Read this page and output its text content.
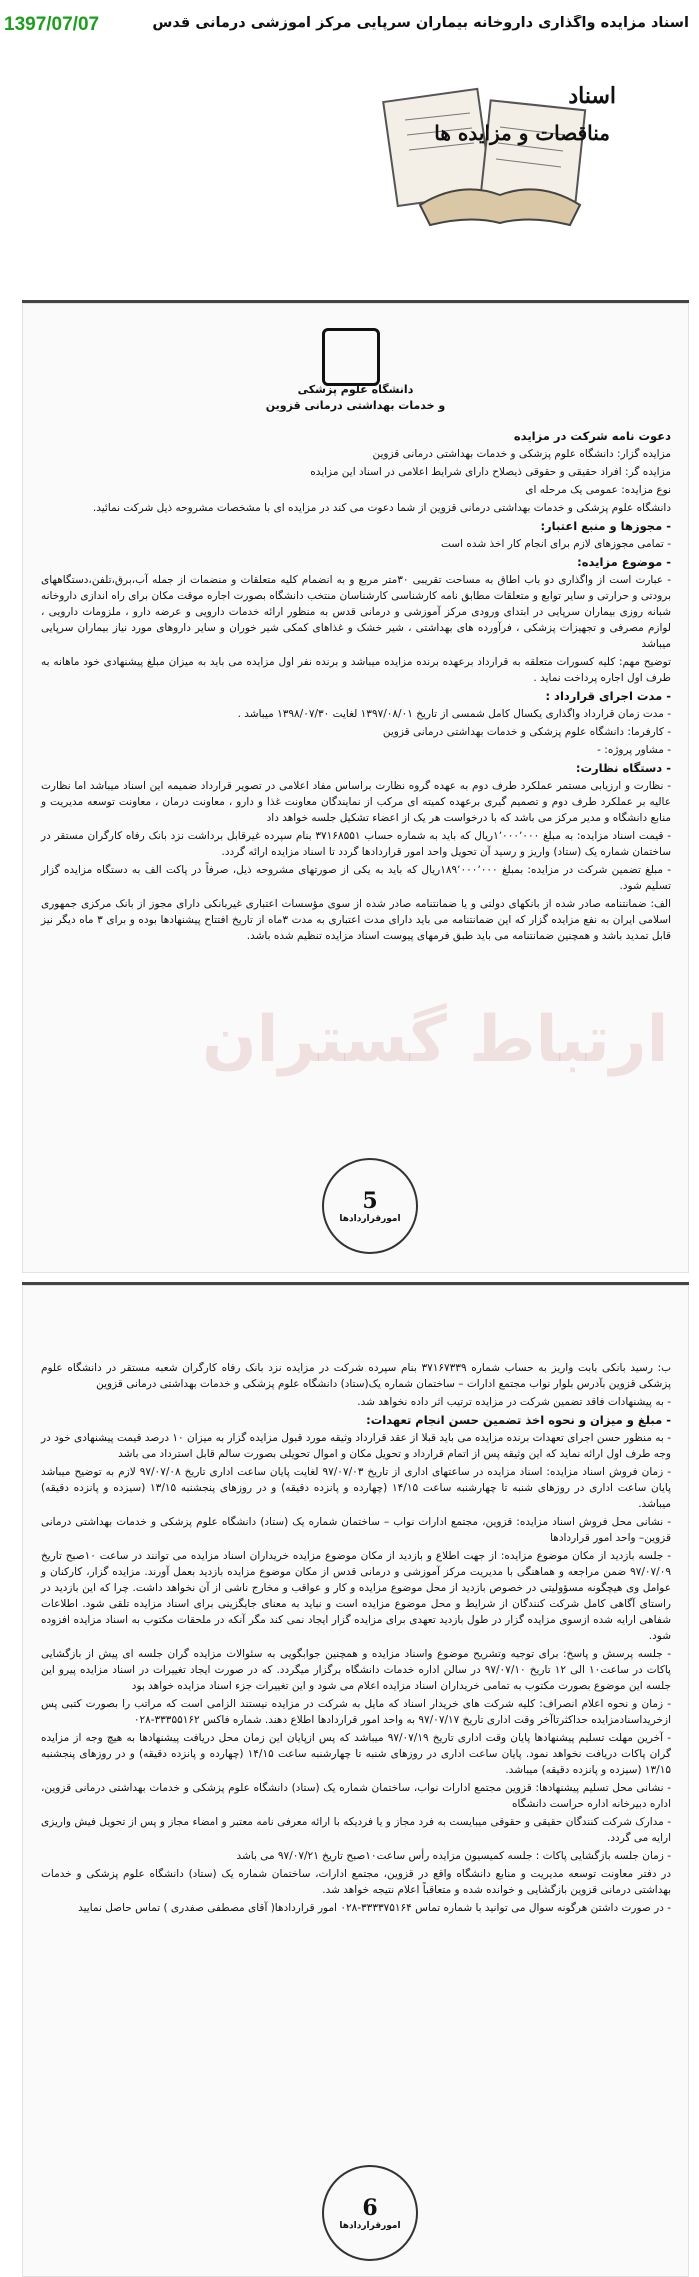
1397/07/07	اسناد مزایده واگذاری داروخانه بیماران سرپایی مرکز آموزشی درمانی قدس
اسناد
مناقصات و مزایده ها
دانشگاه علوم پزشکی
و خدمات بهداشتی درمانی قزوین
ارتباط گستران

دعوت نامه شرکت در مزایده

مزایده گزار: دانشگاه علوم پزشکی و خدمات بهداشتی درمانی قزوین

مزایده گر: افراد حقیقی و حقوقی ذیصلاح دارای شرایط اعلامی در اسناد این مزایده

نوع مزایده: عمومی یک مرحله ای

دانشگاه علوم پزشکی و خدمات بهداشتی درمانی قزوین از شما دعوت می کند در مزایده ای با مشخصات مشروحه ذیل شرکت نمائید.

- مجوزها و منبع اعتبار:

- تمامی مجوزهای لازم برای انجام کار اخذ شده است

- موضوع مزایده:

- عبارت است از واگذاری دو باب اطاق به مساحت تقریبی ۳۰متر مربع و به انضمام کلیه متعلقات و منضمات از جمله آب،برق،تلفن،دستگاههای برودتی و حرارتی و سایر توابع و متعلقات مطابق نامه کارشناسی کارشناسان منتخب دانشگاه بصورت اجاره موقت مکان برای راه اندازی داروخانه شبانه روزی بیماران سرپایی در ابتدای ورودی مرکز آموزشی و درمانی قدس به منظور ارائه خدمات دارویی و عرضه دارو ، ملزومات دارویی ، لوازم مصرفی و تجهیزات پزشکی ، فرآورده های بهداشتی ، شیر خشک و غذاهای کمکی شیر خوران و سایر داروهای مورد نیاز بیماران سرپایی میباشد

توضیح مهم: کلیه کسورات متعلقه به قرارداد برعهده برنده مزایده میباشد و برنده نفر اول مزایده می باید به میزان مبلغ پیشنهادی خود ماهانه به طرف اول اجاره پرداخت نماید .

- مدت اجرای قرارداد :

- مدت زمان قرارداد واگذاری یکسال کامل شمسی از تاریخ ۱۳۹۷/۰۸/۰۱ لغایت ۱۳۹۸/۰۷/۳۰ میباشد .

- کارفرما: دانشگاه علوم پزشکی و خدمات بهداشتی درمانی قزوین

- مشاور پروژه: -

- دستگاه نظارت:

- نظارت و ارزیابی مستمر عملکرد طرف دوم به عهده گروه نظارت براساس مفاد اعلامی در تصویر قرارداد ضمیمه این اسناد میباشد اما نظارت عالیه بر عملکرد طرف دوم و تصمیم گیری برعهده کمیته ای مرکب از نمایندگان معاونت غذا و دارو ، معاونت درمان ، معاونت توسعه مدیریت و منابع دانشگاه و مدیر مرکز می باشد که با درخواست هر یک از اعضاء تشکیل جلسه خواهد داد

- قیمت اسناد مزایده: به مبلغ ۱٬۰۰۰٬۰۰۰ریال که باید به شماره حساب ۳۷۱۶۸۵۵۱ بنام سپرده غیرقابل برداشت نزد بانک رفاه کارگران مستقر در ساختمان شماره یک (ستاد) واریز و رسید آن تحویل واحد امور قراردادها گردد تا اسناد مزایده ارائه گردد.

- مبلغ تضمین شرکت در مزایده: بمبلغ ۱۸۹٬۰۰۰٬۰۰۰ریال که باید به یکی از صورتهای مشروحه ذیل، صرفاً در پاکت الف به دستگاه مزایده گزار تسلیم شود.

الف: ضمانتنامه صادر شده از بانکهای دولتی و یا ضمانتنامه صادر شده از سوی مؤسسات اعتباری غیربانکی دارای مجوز از بانک مرکزی جمهوری اسلامی ایران به نفع مزایده گزار که این ضمانتنامه می باید دارای مدت اعتباری به مدت ۳ماه از تاریخ افتتاح پیشنهادها بوده و برای ۳ ماه دیگر نیز قابل تمدید باشد و همچنین ضمانتنامه می باید طبق فرمهای پیوست اسناد مزایده تنظیم شده باشد.

5
امورقراردادها

ب: رسید بانکی بابت واریز به حساب شماره ۳۷۱۶۷۳۳۹ بنام سپرده شرکت در مزایده نزد بانک رفاه کارگران شعبه مستقر در دانشگاه علوم پزشکی قزوین بآدرس بلوار نواب مجتمع ادارات – ساختمان شماره یک(ستاد) دانشگاه علوم پزشکی و خدمات بهداشتی درمانی قزوین

- به پیشنهادات فاقد تضمین شرکت در مزایده ترتیب اثر داده نخواهد شد.

- مبلغ و میزان و نحوه اخذ تضمین حسن انجام تعهدات:

- به منظور حسن اجرای تعهدات برنده مزایده می باید قبلا از عقد قرارداد وثیقه مورد قبول مزایده گزار به میزان ۱۰ درصد قیمت پیشنهادی خود در وجه طرف اول ارائه نماید که این وثیقه پس از اتمام قرارداد و تحویل مکان و اموال تحویلی بصورت سالم قابل استرداد می باشد

- زمان فروش اسناد مزایده: اسناد مزایده در ساعتهای اداری از تاریخ ۹۷/۰۷/۰۳ لغایت پایان ساعت اداری تاریخ ۹۷/۰۷/۰۸ لازم به توضیح میباشد پایان ساعت اداری در روزهای شنبه تا چهارشنبه ساعت ۱۴/۱۵ (چهارده و پانزده دقیقه) و در روزهای پنجشنبه ۱۳/۱۵ (سیزده و پانزده دقیقه) میباشد.

- نشانی محل فروش اسناد مزایده: قزوین، مجتمع ادارات نواب – ساختمان شماره یک (ستاد) دانشگاه علوم پزشکی و خدمات بهداشتی درمانی قزوین– واحد امور قراردادها

- جلسه بازدید از مکان موضوع مزایده: از جهت اطلاع و بازدید از مکان موضوع مزایده خریداران اسناد مزایده می توانند در ساعت ۱۰صبح تاریخ ۹۷/۰۷/۰۹ ضمن مراجعه و هماهنگی با مدیریت مرکز آموزشی و درمانی قدس از مکان موضوع مزایده بازدید بعمل آورند. مزایده گزار، کارکنان و عوامل وی هیچگونه مسؤولیتی در خصوص بازدید از محل موضوع مزایده و کار و عواقب و مخارج ناشی از آن نخواهد داشت. چرا که این بازدید در راستای آگاهی کامل شرکت کنندگان از شرایط و محل موضوع مزایده است و نباید به معنای جایگزینی برای اسناد مزایده تلقی شود. اطلاعات شفاهی ارایه شده ازسوی مزایده گزار در طول بازدید تعهدی برای مزایده گزار ایجاد نمی کند مگر آنکه در ملحقات مکتوب به اسناد مزایده افزوده شود.

- جلسه پرسش و پاسخ: برای توجیه وتشریح موضوع واسناد مزایده و همچنین جوابگویی به سئوالات مزایده گران جلسه ای پیش از بازگشایی پاکات در ساعت۱۰ الی ۱۲ تاریخ ۹۷/۰۷/۱۰ در سالن اداره خدمات دانشگاه برگزار میگردد. که در صورت ایجاد تغییرات در اسناد مزایده پیرو این جلسه این موضوع بصورت مکتوب به تمامی خریداران اسناد مزایده اعلام می شود و این تغییرات جزء اسناد مزایده خواهد بود

- زمان و نحوه اعلام انصراف: کلیه شرکت های خریدار اسناد که مایل به شرکت در مزایده نیستند الزامی است که مراتب را بصورت کتبی پس ازخریداسنادمزایده حداکثرتاآخر وقت اداری تاریخ ۹۷/۰۷/۱۷ به واحد امور قراردادها اطلاع دهند. شماره فاکس ۳۳۳۵۵۱۶۲-۰۲۸

- آخرین مهلت تسلیم پیشنهادها پایان وقت اداری تاریخ ۹۷/۰۷/۱۹ میباشد که پس ازپایان این زمان محل دریافت پیشنهادها به هیچ وجه از مزایده گران پاکات دریافت نخواهد نمود. پایان ساعت اداری در روزهای شنبه تا چهارشنبه ساعت ۱۴/۱۵ (چهارده و پانزده دقیقه) و در روزهای پنجشنبه ۱۳/۱۵ (سیزده و پانزده دقیقه) میباشد.

- نشانی محل تسلیم پیشنهادها: قزوین مجتمع ادارات نواب، ساختمان شماره یک (ستاد) دانشگاه علوم پزشکی و خدمات بهداشتی درمانی قزوین، اداره دبیرخانه اداره حراست دانشگاه

- مدارک شرکت کنندگان حقیقی و حقوقی میبایست به فرد مجاز و یا فردیکه با ارائه معرفی نامه معتبر و امضاء مجاز و پس از تحویل فیش واریزی ارایه می گردد.

- زمان جلسه بازگشایی پاکات : جلسه کمیسیون مزایده رأس ساعت۱۰صبح تاریخ ۹۷/۰۷/۲۱ می باشد

در دفتر معاونت توسعه مدیریت و منابع دانشگاه واقع در قزوین، مجتمع ادارات، ساختمان شماره یک (ستاد) دانشگاه علوم پزشکی و خدمات بهداشتی درمانی قزوین بازگشایی و خوانده شده و متعاقباً اعلام نتیجه خواهد شد.

- در صورت داشتن هرگونه سوال می توانید با شماره تماس ۳۳۳۳۷۵۱۶۴-۰۲۸ امور قراردادها( آقای مصطفی صفدری ) تماس حاصل نمایید

6
امورقراردادها
